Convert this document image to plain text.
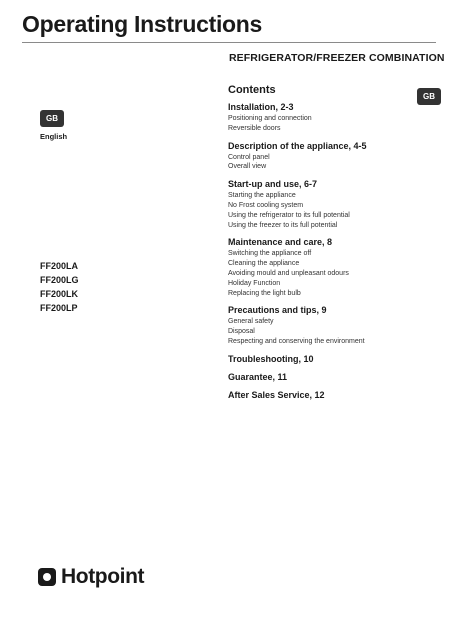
Operating Instructions
REFRIGERATOR/FREEZER COMBINATION
GB
English
GB
FF200LA
FF200LG
FF200LK
FF200LP
Contents
Installation, 2-3
Positioning and connection
Reversible doors
Description of the appliance, 4-5
Control panel
Overall view
Start-up and use, 6-7
Starting the appliance
No Frost cooling system
Using the refrigerator to its full potential
Using the freezer to its full potential
Maintenance and care, 8
Switching the appliance off
Cleaning the appliance
Avoiding mould and unpleasant odours
Holiday Function
Replacing the light bulb
Precautions and tips, 9
General safety
Disposal
Respecting and conserving the environment
Troubleshooting, 10
Guarantee, 11
After Sales Service, 12
Hotpoint
